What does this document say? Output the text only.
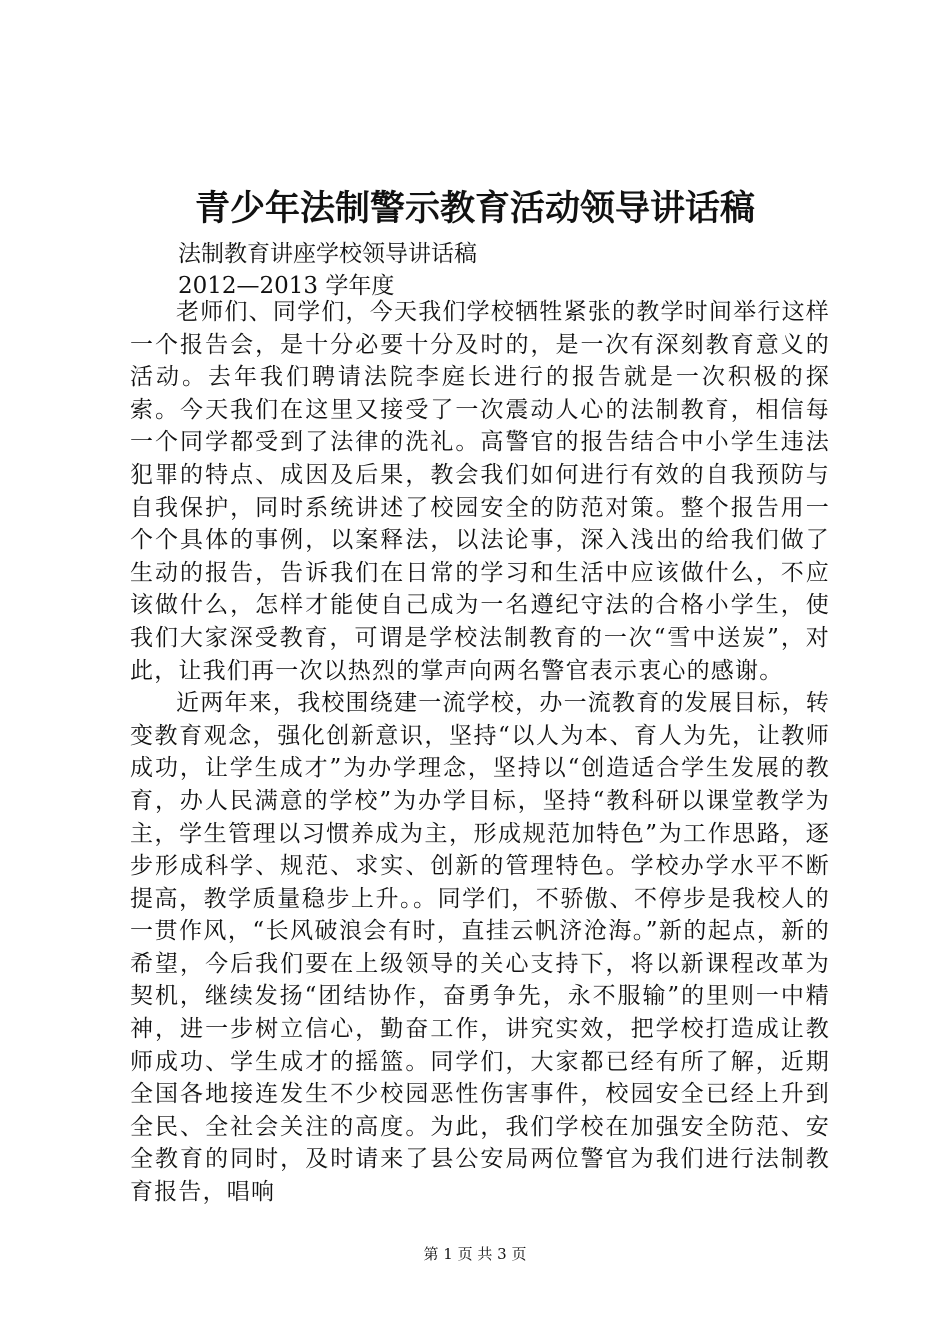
青少年法制警示教育活动领导讲话稿
法制教育讲座学校领导讲话稿
2012—2013 学年度

老师们、同学们，今天我们学校牺牲紧张的教学时间举行这样一个报告会，是十分必要十分及时的，是一次有深刻教育意义的活动。去年我们聘请法院李庭长进行的报告就是一次积极的探索。今天我们在这里又接受了一次震动人心的法制教育，相信每一个同学都受到了法律的洗礼。高警官的报告结合中小学生违法犯罪的特点、成因及后果，教会我们如何进行有效的自我预防与自我保护，同时系统讲述了校园安全的防范对策。整个报告用一个个具体的事例，以案释法，以法论事，深入浅出的给我们做了生动的报告，告诉我们在日常的学习和生活中应该做什么，不应该做什么，怎样才能使自己成为一名遵纪守法的合格小学生，使我们大家深受教育，可谓是学校法制教育的一次“雪中送炭”，对此，让我们再一次以热烈的掌声向两名警官表示衷心的感谢。

近两年来，我校围绕建一流学校，办一流教育的发展目标，转变教育观念，强化创新意识，坚持“以人为本、育人为先，让教师成功，让学生成才”为办学理念，坚持以“创造适合学生发展的教育，办人民满意的学校”为办学目标，坚持“教科研以课堂教学为主，学生管理以习惯养成为主，形成规范加特色”为工作思路，逐步形成科学、规范、求实、创新的管理特色。学校办学水平不断提高，教学质量稳步上升。。同学们，不骄傲、不停步是我校人的一贯作风，“长风破浪会有时，直挂云帆济沧海。”新的起点，新的希望，今后我们要在上级领导的关心支持下，将以新课程改革为契机，继续发扬“团结协作，奋勇争先，永不服输”的里则一中精神，进一步树立信心，勤奋工作，讲究实效，把学校打造成让教师成功、学生成才的摇篮。同学们，大家都已经有所了解，近期全国各地接连发生不少校园恶性伤害事件，校园安全已经上升到全民、全社会关注的高度。为此，我们学校在加强安全防范、安全教育的同时，及时请来了县公安局两位警官为我们进行法制教育报告，唱响

第 1 页 共 3 页
